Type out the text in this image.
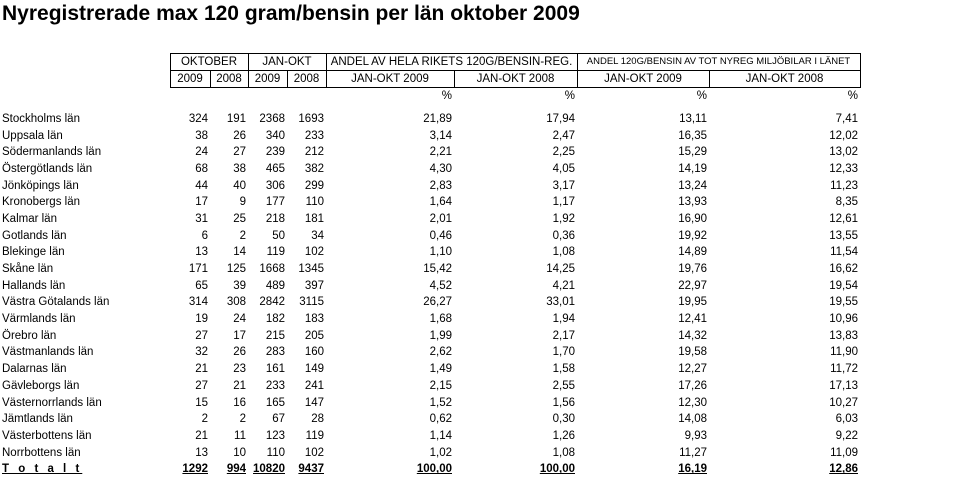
Nyregistrerade max 120 gram/bensin per län oktober 2009
	OKTOBER		JAN-OKT		ANDEL AV HELA RIKETS 120G/BENSIN-REG.		ANDEL 120G/BENSIN AV TOT NYREG MILJÖBILAR I LÄNET	
	2009	2008	2009	2008	JAN-OKT 2009	JAN-OKT 2008	JAN-OKT 2009	JAN-OKT 2008
					%	%	%	%

Stockholms län	324	191	2368	1693	21,89	17,94	13,11	7,41
Uppsala län	38	26	340	233	3,14	2,47	16,35	12,02
Södermanlands län	24	27	239	212	2,21	2,25	15,29	13,02
Östergötlands län	68	38	465	382	4,30	4,05	14,19	12,33
Jönköpings län	44	40	306	299	2,83	3,17	13,24	11,23
Kronobergs län	17	9	177	110	1,64	1,17	13,93	8,35
Kalmar län	31	25	218	181	2,01	1,92	16,90	12,61
Gotlands län	6	2	50	34	0,46	0,36	19,92	13,55
Blekinge län	13	14	119	102	1,10	1,08	14,89	11,54
Skåne län	171	125	1668	1345	15,42	14,25	19,76	16,62
Hallands län	65	39	489	397	4,52	4,21	22,97	19,54
Västra Götalands län	314	308	2842	3115	26,27	33,01	19,95	19,55
Värmlands län	19	24	182	183	1,68	1,94	12,41	10,96
Örebro län	27	17	215	205	1,99	2,17	14,32	13,83
Västmanlands län	32	26	283	160	2,62	1,70	19,58	11,90
Dalarnas län	21	23	161	149	1,49	1,58	12,27	11,72
Gävleborgs län	27	21	233	241	2,15	2,55	17,26	17,13
Västernorrlands län	15	16	165	147	1,52	1,56	12,30	10,27
Jämtlands län	2	2	67	28	0,62	0,30	14,08	6,03
Västerbottens län	21	11	123	119	1,14	1,26	9,93	9,22
Norrbottens län	13	10	110	102	1,02	1,08	11,27	11,09
T o t a l t	1292	994	10820	9437	100,00	100,00	16,19	12,86
